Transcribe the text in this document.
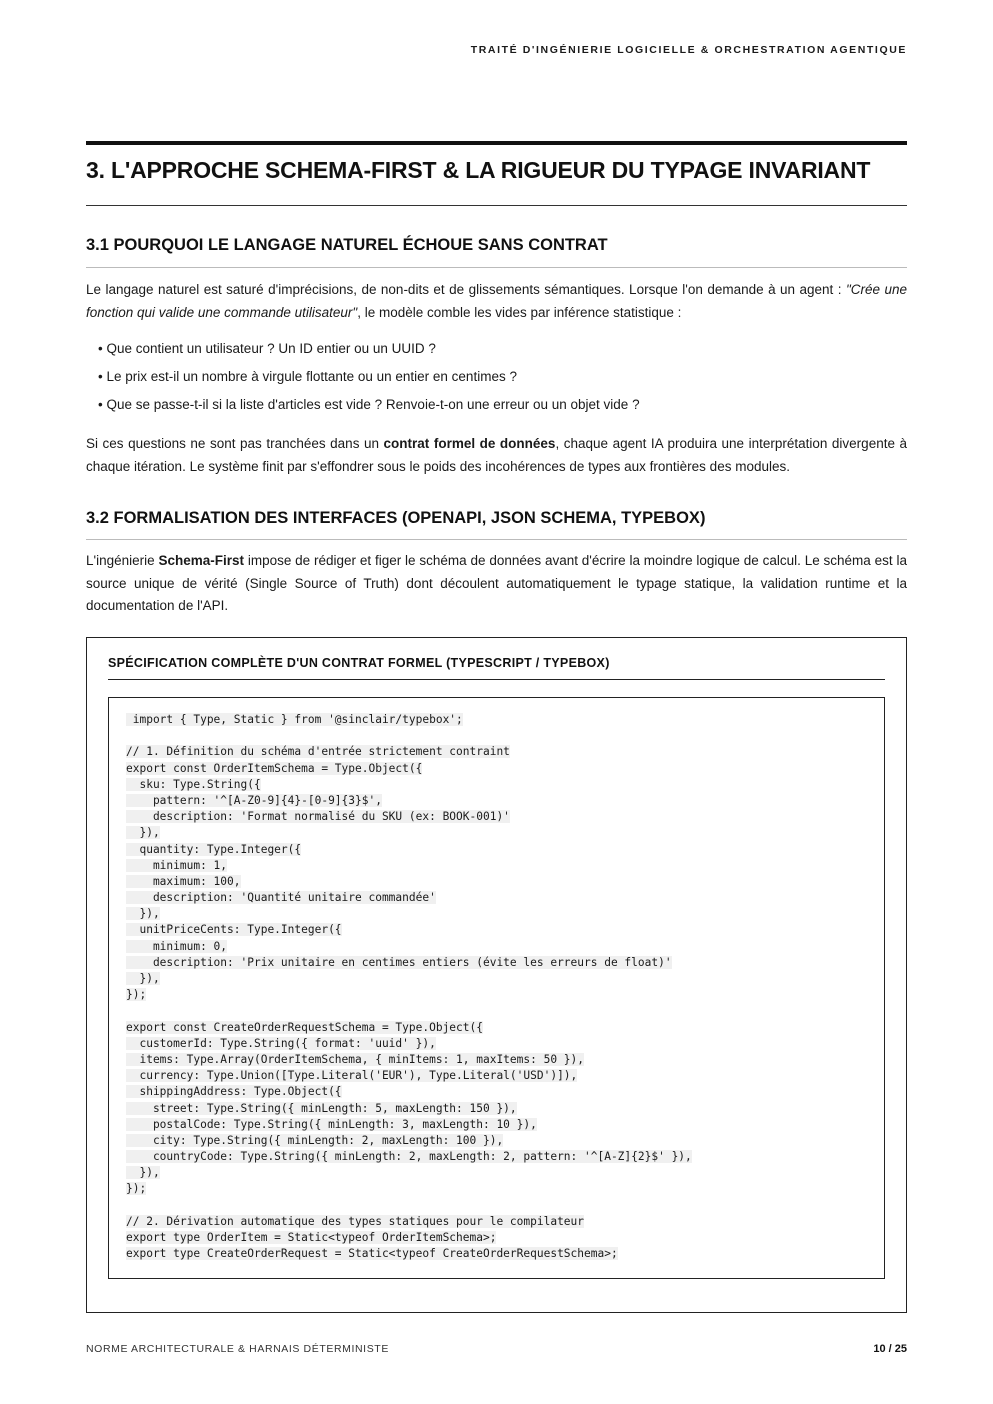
TRAITÉ D'INGÉNIERIE LOGICIELLE & ORCHESTRATION AGENTIQUE
3. L'APPROCHE SCHEMA-FIRST & LA RIGUEUR DU TYPAGE INVARIANT
3.1 POURQUOI LE LANGAGE NATUREL ÉCHOUE SANS CONTRAT

Le langage naturel est saturé d'imprécisions, de non-dits et de glissements sémantiques. Lorsque l'on demande à un agent : "Crée une fonction qui valide une commande utilisateur", le modèle comble les vides par inférence statistique :

• Que contient un utilisateur ? Un ID entier ou un UUID ?
• Le prix est-il un nombre à virgule flottante ou un entier en centimes ?
• Que se passe-t-il si la liste d'articles est vide ? Renvoie-t-on une erreur ou un objet vide ?

Si ces questions ne sont pas tranchées dans un contrat formel de données, chaque agent IA produira une interprétation divergente à chaque itération. Le système finit par s'effondrer sous le poids des incohérences de types aux frontières des modules.

3.2 FORMALISATION DES INTERFACES (OPENAPI, JSON SCHEMA, TYPEBOX)

L'ingénierie Schema-First impose de rédiger et figer le schéma de données avant d'écrire la moindre logique de calcul. Le schéma est la source unique de vérité (Single Source of Truth) dont découlent automatiquement le typage statique, la validation runtime et la documentation de l'API.

SPÉCIFICATION COMPLÈTE D'UN CONTRAT FORMEL (TYPESCRIPT / TYPEBOX)
import { Type, Static } from '@sinclair/typebox';
// 1. Définition du schéma d'entrée strictement contraint
export const OrderItemSchema = Type.Object({
sku: Type.String({
pattern: '^[A-Z0-9]{4}-[0-9]{3}$',
description: 'Format normalisé du SKU (ex: BOOK-001)'
}),
quantity: Type.Integer({
minimum: 1,
maximum: 100,
description: 'Quantité unitaire commandée'
}),
unitPriceCents: Type.Integer({
minimum: 0,
description: 'Prix unitaire en centimes entiers (évite les erreurs de float)'
}),
});
export const CreateOrderRequestSchema = Type.Object({
customerId: Type.String({ format: 'uuid' }),
items: Type.Array(OrderItemSchema, { minItems: 1, maxItems: 50 }),
currency: Type.Union([Type.Literal('EUR'), Type.Literal('USD')]),
shippingAddress: Type.Object({
street: Type.String({ minLength: 5, maxLength: 150 }),
postalCode: Type.String({ minLength: 3, maxLength: 10 }),
city: Type.String({ minLength: 2, maxLength: 100 }),
countryCode: Type.String({ minLength: 2, maxLength: 2, pattern: '^[A-Z]{2}$' }),
}),
});
// 2. Dérivation automatique des types statiques pour le compilateur
export type OrderItem = Static<typeof OrderItemSchema>;
export type CreateOrderRequest = Static<typeof CreateOrderRequestSchema>;
NORME ARCHITECTURALE & HARNAIS DÉTERMINISTE	10 / 25
